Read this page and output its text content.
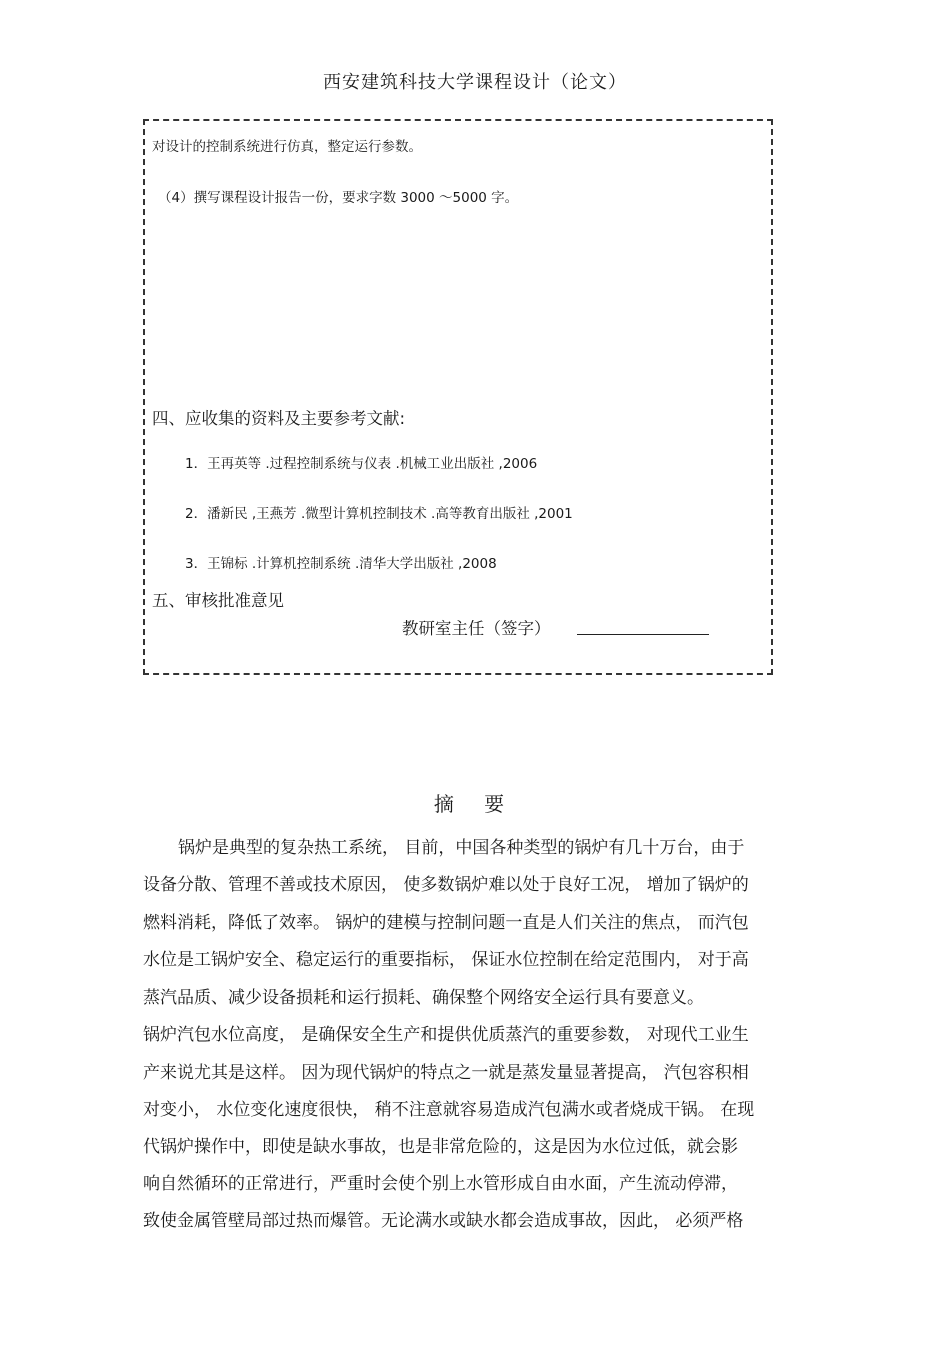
西安建筑科技大学课程设计（论文）
对设计的控制系统进行仿真，整定运行参数。
（4）撰写课程设计报告一份，要求字数 3000 ～5000 字。
四、应收集的资料及主要参考文献:
1．王再英等 .过程控制系统与仪表 .机械工业出版社 ,2006
2．潘新民 ,王燕芳 .微型计算机控制技术 .高等教育出版社 ,2001
3．王锦标 .计算机控制系统 .清华大学出版社 ,2008
五、审核批准意见
教研室主任（签字）
摘 要
锅炉是典型的复杂热工系统， 目前，中国各种类型的锅炉有几十万台，由于
设备分散、管理不善或技术原因， 使多数锅炉难以处于良好工况， 增加了锅炉的
燃料消耗，降低了效率。 锅炉的建模与控制问题一直是人们关注的焦点， 而汽包
水位是工锅炉安全、稳定运行的重要指标， 保证水位控制在给定范围内， 对于高
蒸汽品质、减少设备损耗和运行损耗、确保整个网络安全运行具有要意义。
锅炉汽包水位高度， 是确保安全生产和提供优质蒸汽的重要参数， 对现代工业生
产来说尤其是这样。 因为现代锅炉的特点之一就是蒸发量显著提高， 汽包容积相
对变小， 水位变化速度很快， 稍不注意就容易造成汽包满水或者烧成干锅。 在现
代锅炉操作中，即使是缺水事故，也是非常危险的，这是因为水位过低，就会影
响自然循环的正常进行，严重时会使个别上水管形成自由水面，产生流动停滞，
致使金属管壁局部过热而爆管。无论满水或缺水都会造成事故，因此， 必须严格
